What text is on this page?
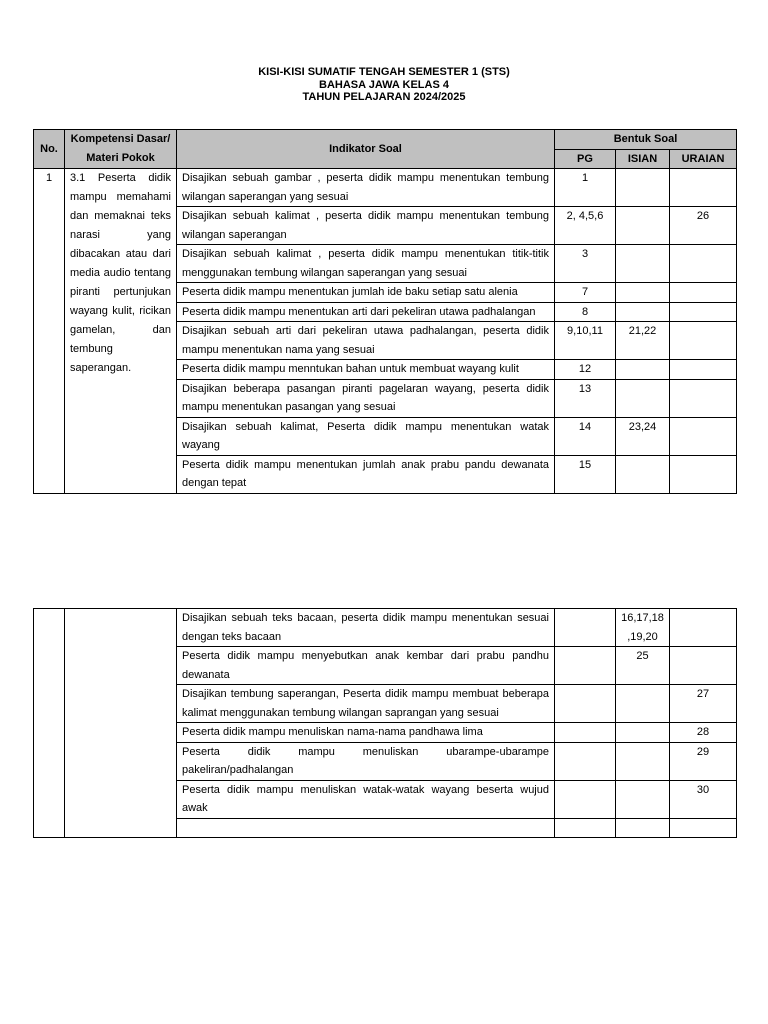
KISI-KISI SUMATIF TENGAH SEMESTER 1 (STS)
BAHASA JAWA KELAS 4
TAHUN PELAJARAN 2024/2025
No.	Kompetensi Dasar/
Materi Pokok	Indikator Soal	Bentuk Soal		
			PG	ISIAN	URAIAN
1	3.1 Peserta didik mampu memahami dan memaknai teks narasi yang dibacakan atau dari media audio tentang piranti pertunjukan wayang kulit, ricikan gamelan, dan tembung saperangan.	Disajikan sebuah gambar , peserta didik mampu menentukan tembung wilangan saperangan yang sesuai	1		
		Disajikan sebuah kalimat , peserta didik mampu menentukan tembung wilangan saperangan	2, 4,5,6		26
		Disajikan sebuah kalimat , peserta didik mampu menentukan titik-titik menggunakan tembung wilangan saperangan yang sesuai	3		
		Peserta didik mampu menentukan jumlah ide baku setiap satu alenia	7		
		Peserta didik mampu menentukan arti dari pekeliran utawa padhalangan	8		
		Disajikan sebuah arti dari pekeliran utawa padhalangan, peserta didik mampu menentukan nama yang sesuai	9,10,11	21,22	
		Peserta didik mampu menntukan bahan untuk membuat wayang kulit	12		
		Disajikan beberapa pasangan piranti pagelaran wayang, peserta didik mampu menentukan pasangan yang sesuai	13		
		Disajikan sebuah kalimat, Peserta didik mampu menentukan watak wayang	14	23,24	
		Peserta didik mampu menentukan jumlah anak prabu pandu dewanata dengan tepat	15		
		Disajikan sebuah teks bacaan, peserta didik mampu menentukan sesuai dengan teks bacaan		16,17,18 ,19,20	
		Peserta didik mampu menyebutkan anak kembar dari prabu pandhu dewanata		25	
		Disajikan tembung saperangan, Peserta didik mampu membuat beberapa kalimat menggunakan tembung wilangan saprangan yang sesuai			27
		Peserta didik mampu menuliskan nama-nama pandhawa lima			28
		Peserta didik mampu menuliskan ubarampe-ubarampe pakeliran/padhalangan			29
		Peserta didik mampu menuliskan watak-watak wayang beserta wujud awak			30
